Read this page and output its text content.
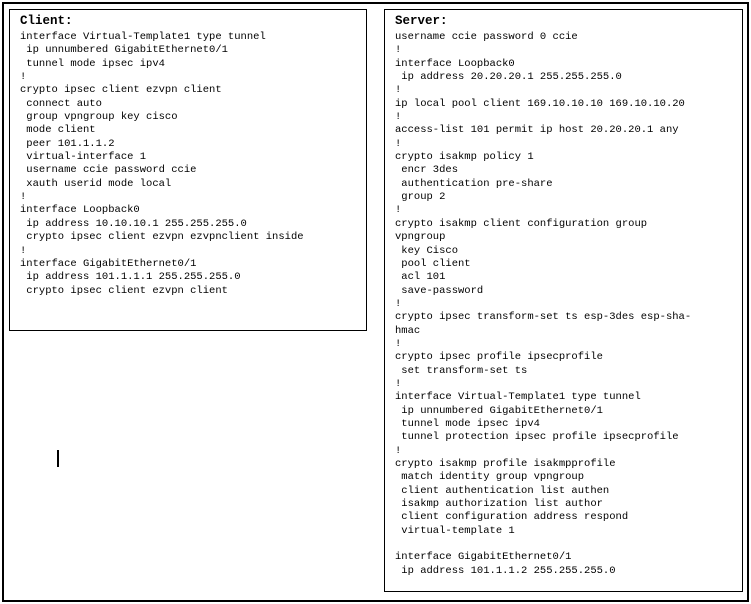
Client:
interface Virtual-Template1 type tunnel
ip unnumbered GigabitEthernet0/1
tunnel mode ipsec ipv4
!
crypto ipsec client ezvpn client
connect auto
group vpngroup key cisco
mode client
peer 101.1.1.2
virtual-interface 1
username ccie password ccie
xauth userid mode local
!
interface Loopback0
ip address 10.10.10.1 255.255.255.0
crypto ipsec client ezvpn ezvpnclient inside
!
interface GigabitEthernet0/1
ip address 101.1.1.1 255.255.255.0
crypto ipsec client ezvpn client
Server:
username ccie password 0 ccie
!
interface Loopback0
ip address 20.20.20.1 255.255.255.0
!
ip local pool client 169.10.10.10 169.10.10.20
!
access-list 101 permit ip host 20.20.20.1 any
!
crypto isakmp policy 1
encr 3des
authentication pre-share
group 2
!
crypto isakmp client configuration group
vpngroup
key Cisco
pool client
acl 101
save-password
!
crypto ipsec transform-set ts esp-3des esp-sha-
hmac
!
crypto ipsec profile ipsecprofile
set transform-set ts
!
interface Virtual-Template1 type tunnel
ip unnumbered GigabitEthernet0/1
tunnel mode ipsec ipv4
tunnel protection ipsec profile ipsecprofile
!
crypto isakmp profile isakmpprofile
match identity group vpngroup
client authentication list authen
isakmp authorization list author
client configuration address respond
virtual-template 1

interface GigabitEthernet0/1
ip address 101.1.1.2 255.255.255.0
